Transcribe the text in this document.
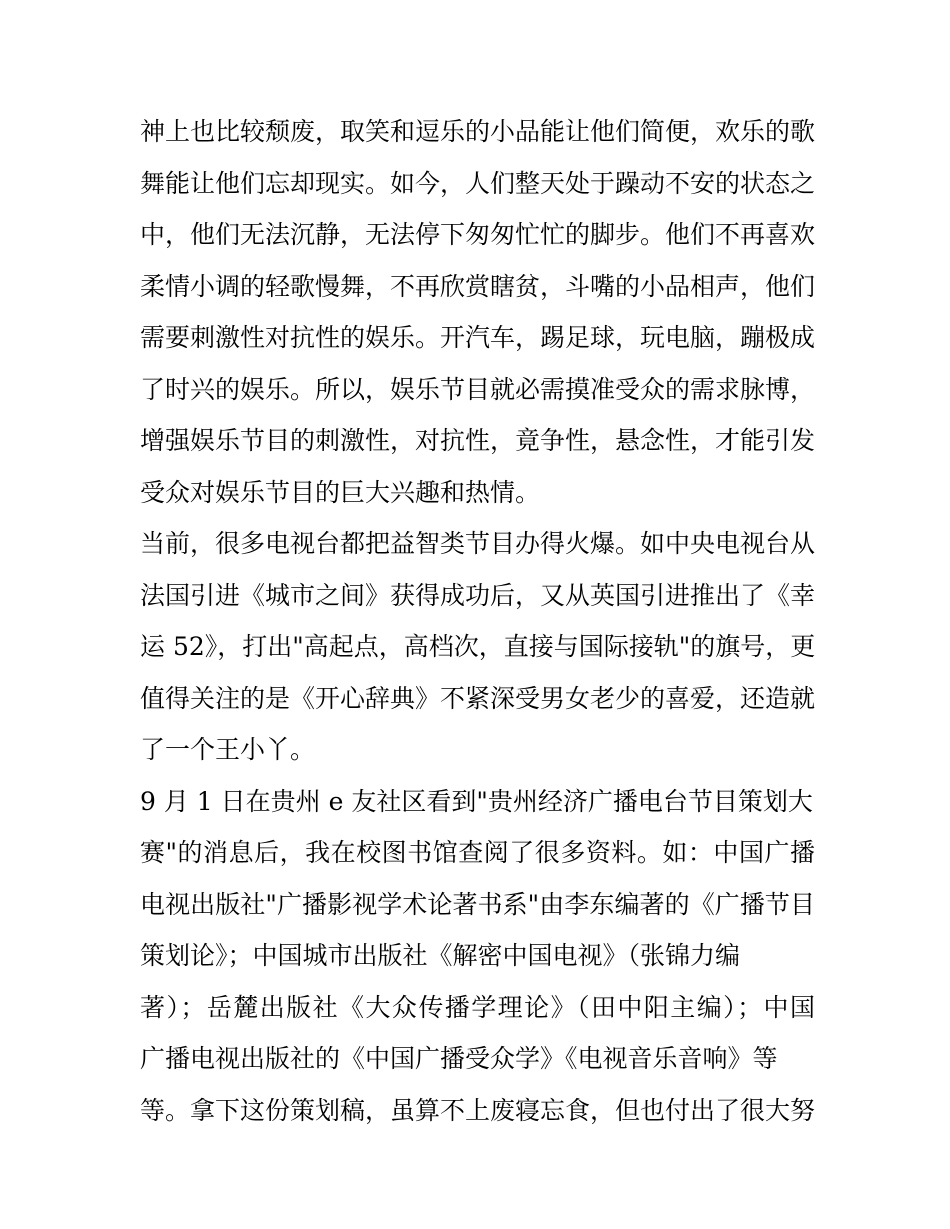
神上也比较颓废，取笑和逗乐的小品能让他们简便，欢乐的歌
舞能让他们忘却现实。如今，人们整天处于躁动不安的状态之
中，他们无法沉静，无法停下匆匆忙忙的脚步。他们不再喜欢
柔情小调的轻歌慢舞，不再欣赏瞎贫，斗嘴的小品相声，他们
需要刺激性对抗性的娱乐。开汽车，踢足球，玩电脑，蹦极成
了时兴的娱乐。所以，娱乐节目就必需摸准受众的需求脉博，
增强娱乐节目的刺激性，对抗性，竟争性，悬念性，才能引发
受众对娱乐节目的巨大兴趣和热情。
当前，很多电视台都把益智类节目办得火爆。如中央电视台从
法国引进《城市之间》获得成功后，又从英国引进推出了《幸
运 52》，打出"高起点，高档次，直接与国际接轨"的旗号，更
值得关注的是《开心辞典》不紧深受男女老少的喜爱，还造就
了一个王小丫。
9 月 1 日在贵州 e 友社区看到"贵州经济广播电台节目策划大
赛"的消息后，我在校图书馆查阅了很多资料。如：中国广播
电视出版社"广播影视学术论著书系"由李东编著的《广播节目
策划论》；中国城市出版社《解密中国电视》（张锦力编
著）；岳麓出版社《大众传播学理论》（田中阳主编）；中国
广播电视出版社的《中国广播受众学》《电视音乐音响》等
等。拿下这份策划稿，虽算不上废寝忘食，但也付出了很大努
